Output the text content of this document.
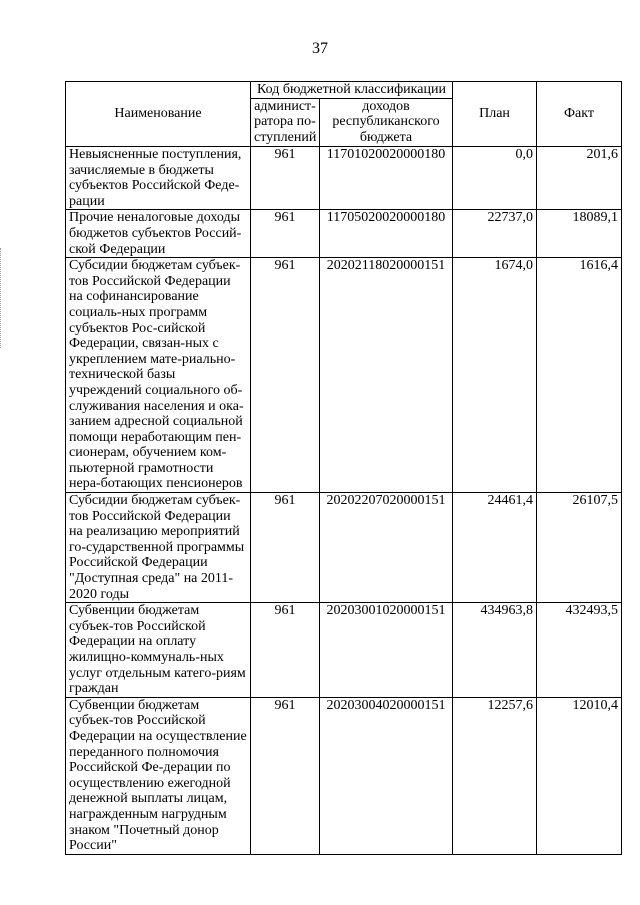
37
Наименование	Код бюджетной классификации		План	Факт
	админист-ратора по-ступлений	доходов республиканского бюджета		
Невыясненные поступления, зачисляемые в бюджеты субъектов Российской Феде-рации	961	11701020020000180	0,0	201,6
Прочие неналоговые доходы бюджетов субъектов Россий-ской Федерации	961	11705020020000180	22737,0	18089,1
Субсидии бюджетам субъек-тов Российской Федерации на софинансирование социаль-ных программ субъектов Рос-сийской Федерации, связан-ных с укреплением мате-риально-технической базы учреждений социального об-служивания населения и ока-занием адресной социальной помощи неработающим пен-сионерам, обучением ком-пьютерной грамотности нера-ботающих пенсионеров	961	20202118020000151	1674,0	1616,4
Субсидии бюджетам субъек-тов Российской Федерации на реализацию мероприятий го-сударственной программы Российской Федерации "Доступная среда" на 2011-2020 годы	961	20202207020000151	24461,4	26107,5
Субвенции бюджетам субъек-тов Российской Федерации на оплату жилищно-коммуналь-ных услуг отдельным катего-риям граждан	961	20203001020000151	434963,8	432493,5
Субвенции бюджетам субъек-тов Российской Федерации на осуществление переданного полномочия Российской Фе-дерации по осуществлению ежегодной денежной выплаты лицам, награжденным нагрудным знаком "Почетный донор России"	961	20203004020000151	12257,6	12010,4
